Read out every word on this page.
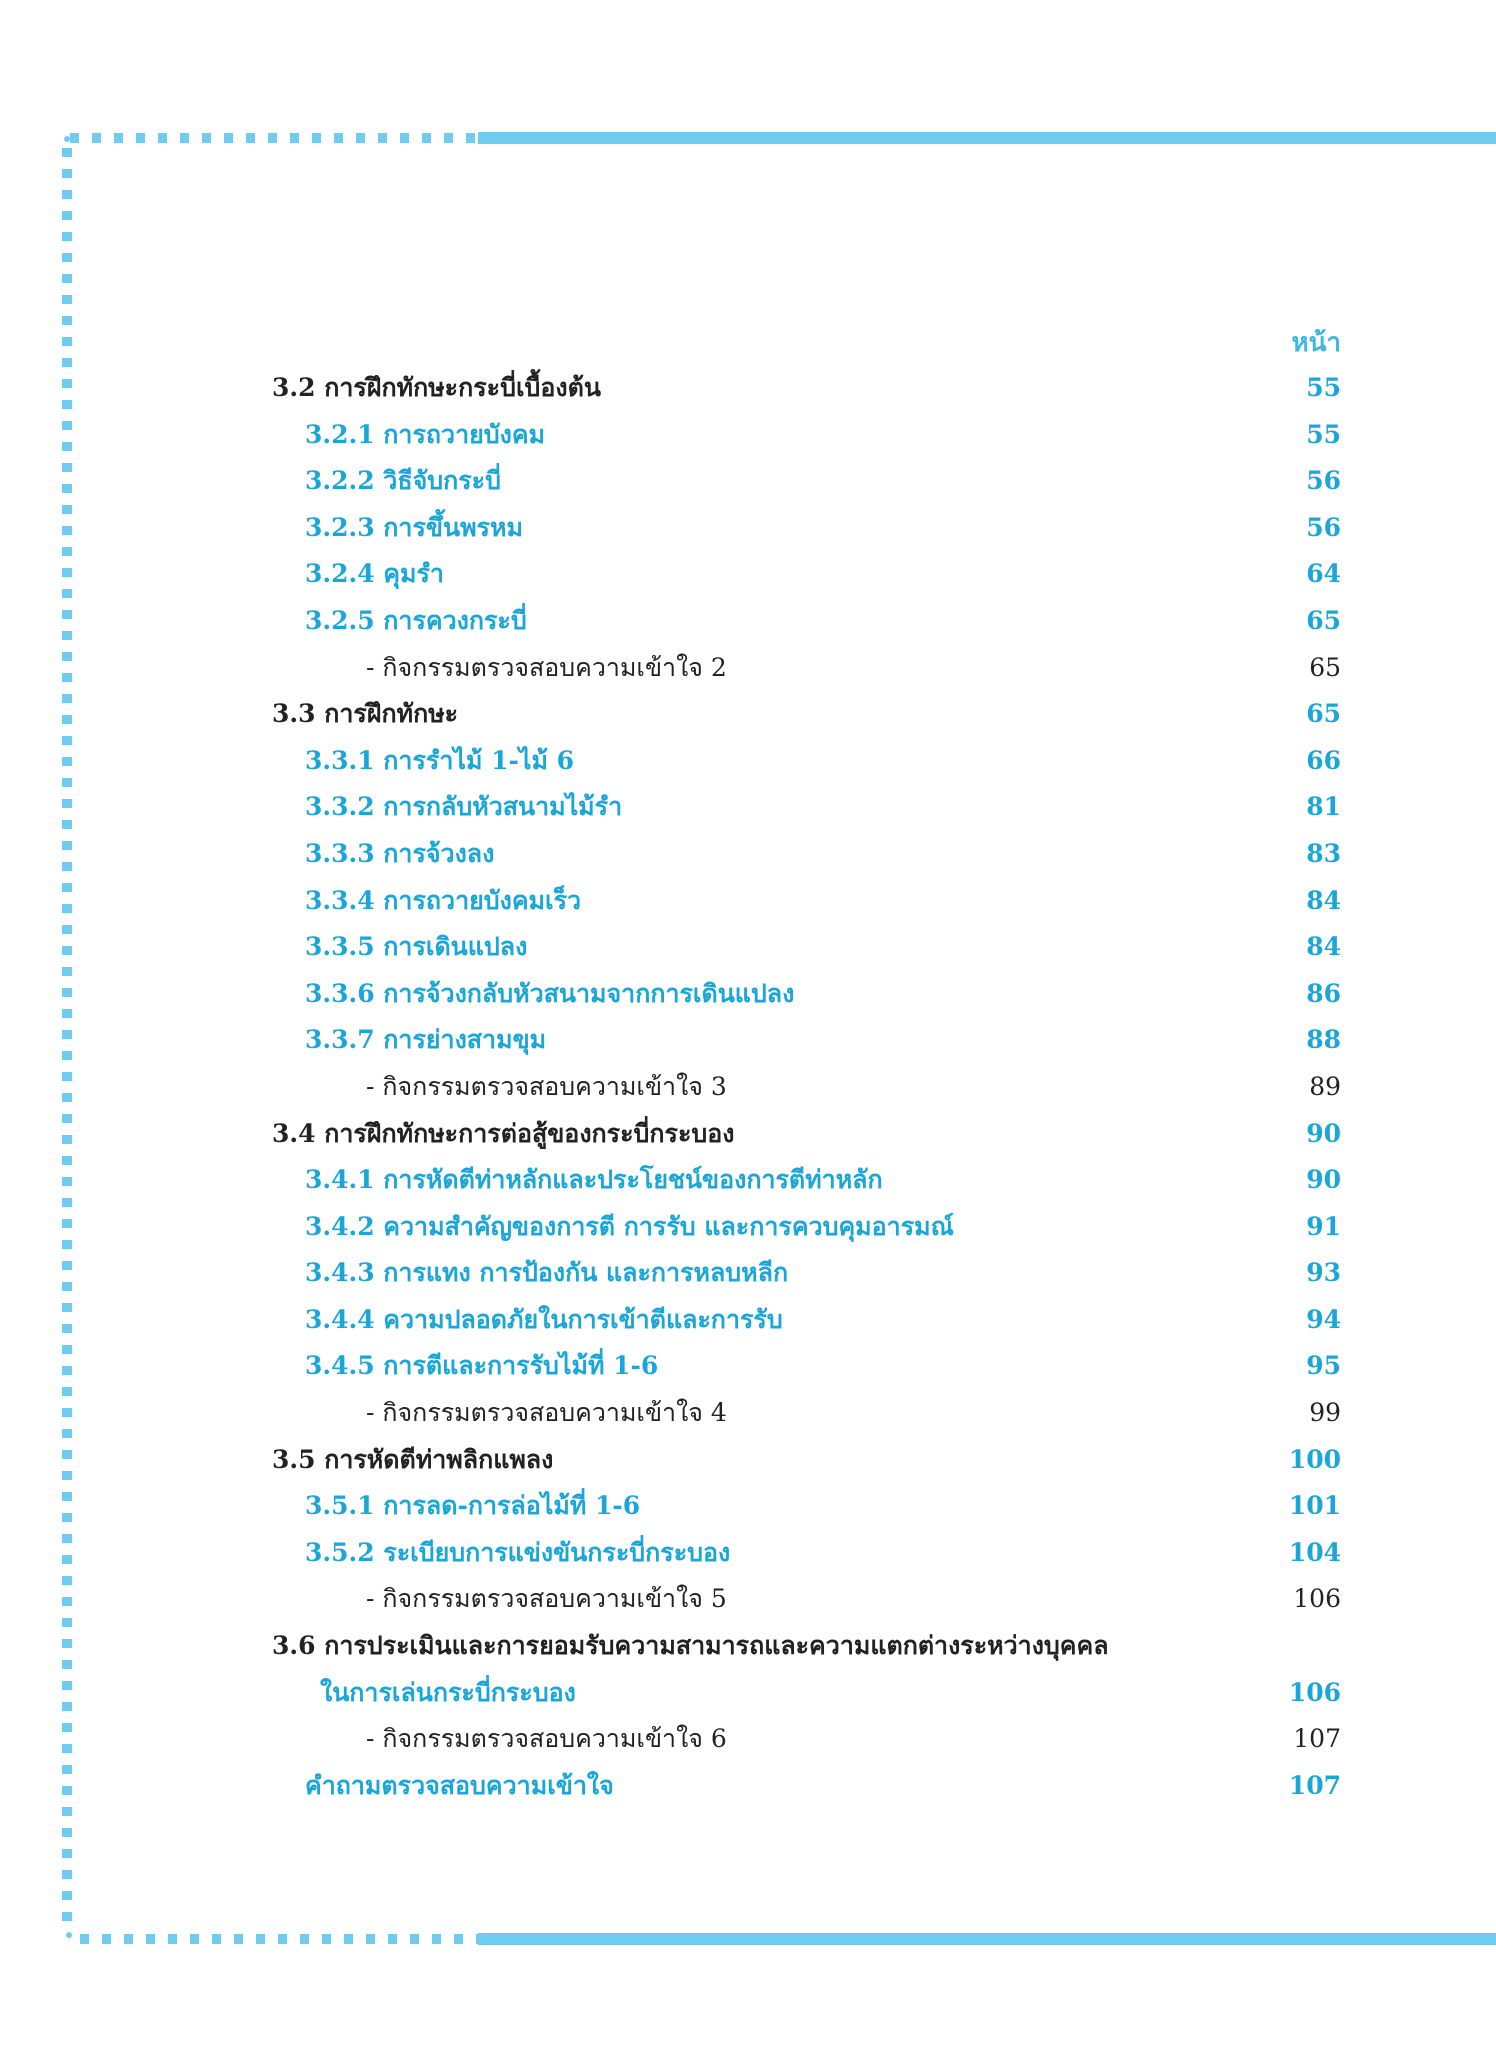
หน้า
3.2 การฝึกทักษะกระบี่เบื้องต้น	55
3.2.1 การถวายบังคม	55
3.2.2 วิธีจับกระบี่	56
3.2.3 การขึ้นพรหม	56
3.2.4 คุมรำ	64
3.2.5 การควงกระบี่	65
- กิจกรรมตรวจสอบความเข้าใจ 2	65
3.3 การฝึกทักษะ	65
3.3.1 การรำไม้ 1-ไม้ 6	66
3.3.2 การกลับหัวสนามไม้รำ	81
3.3.3 การจ้วงลง	83
3.3.4 การถวายบังคมเร็ว	84
3.3.5 การเดินแปลง	84
3.3.6 การจ้วงกลับหัวสนามจากการเดินแปลง	86
3.3.7 การย่างสามขุม	88
- กิจกรรมตรวจสอบความเข้าใจ 3	89
3.4 การฝึกทักษะการต่อสู้ของกระบี่กระบอง	90
3.4.1 การหัดตีท่าหลักและประโยชน์ของการตีท่าหลัก	90
3.4.2 ความสำคัญของการตี การรับ และการควบคุมอารมณ์	91
3.4.3 การแทง การป้องกัน และการหลบหลีก	93
3.4.4 ความปลอดภัยในการเข้าตีและการรับ	94
3.4.5 การตีและการรับไม้ที่ 1-6	95
- กิจกรรมตรวจสอบความเข้าใจ 4	99
3.5 การหัดตีท่าพลิกแพลง	100
3.5.1 การลด-การล่อไม้ที่ 1-6	101
3.5.2 ระเบียบการแข่งขันกระบี่กระบอง	104
- กิจกรรมตรวจสอบความเข้าใจ 5	106
3.6 การประเมินและการยอมรับความสามารถและความแตกต่างระหว่างบุคคล
ในการเล่นกระบี่กระบอง	106
- กิจกรรมตรวจสอบความเข้าใจ 6	107
คำถามตรวจสอบความเข้าใจ	107
